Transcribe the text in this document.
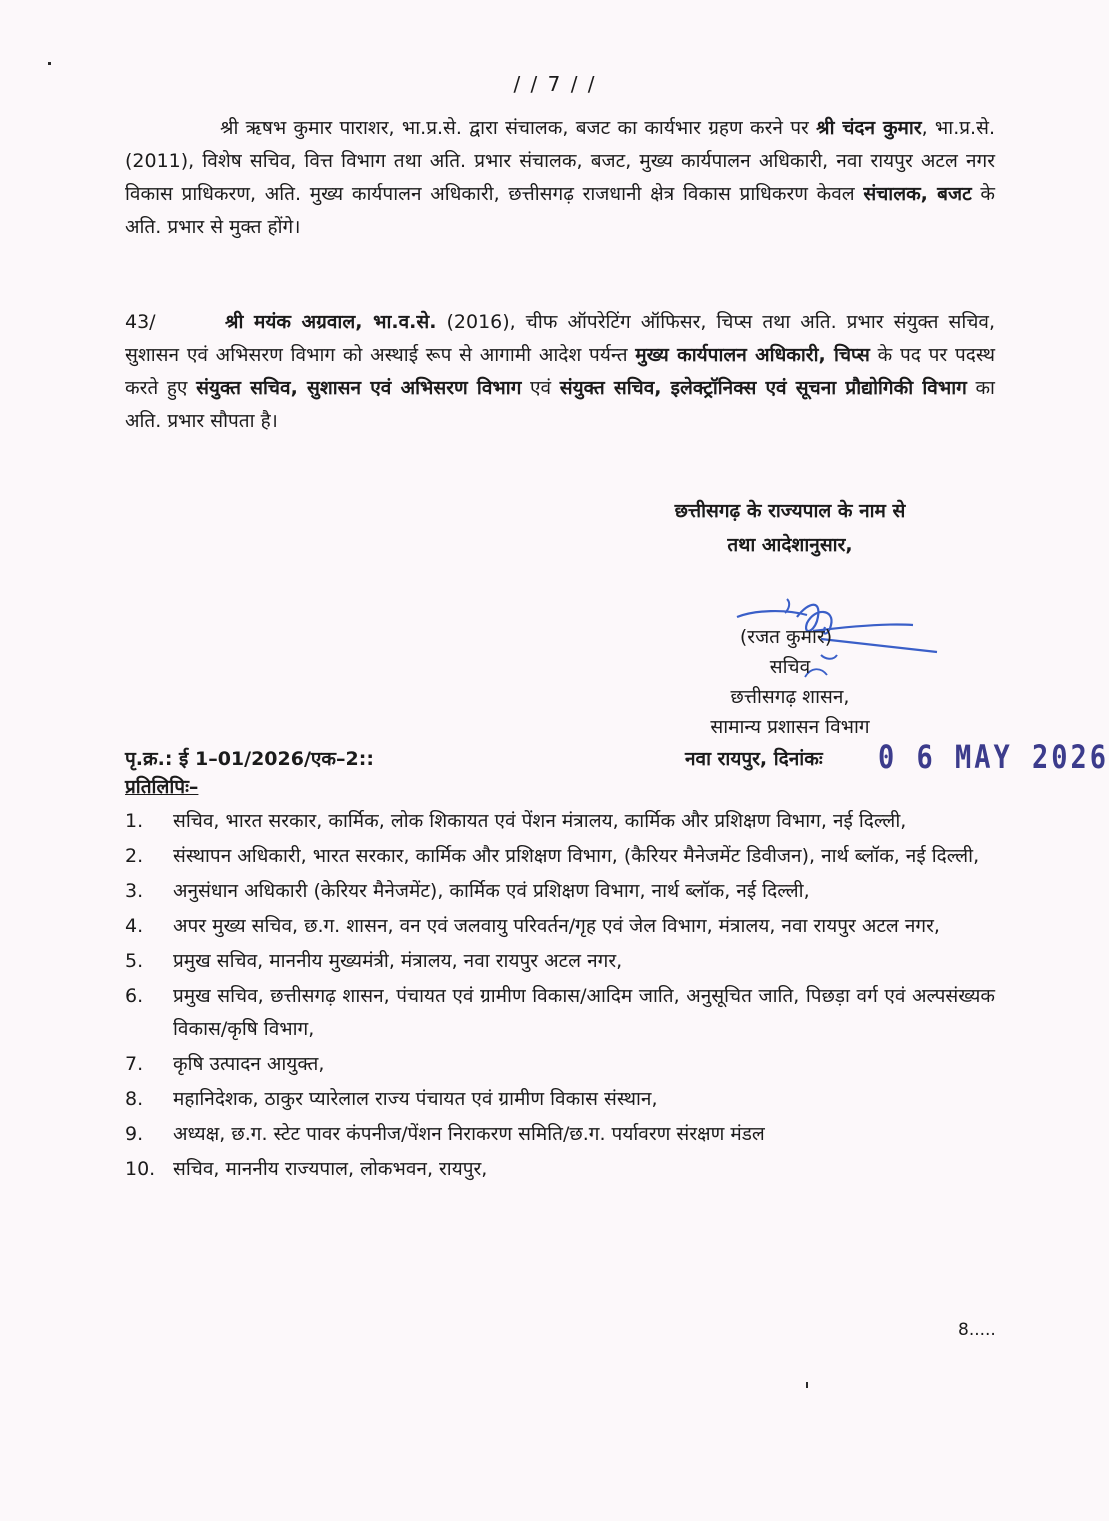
/ / 7 / /
श्री ऋषभ कुमार पाराशर, भा.प्र.से. द्वारा संचालक, बजट का कार्यभार ग्रहण करने पर श्री चंदन कुमार, भा.प्र.से. (2011), विशेष सचिव, वित्त विभाग तथा अति. प्रभार संचालक, बजट, मुख्य कार्यपालन अधिकारी, नवा रायपुर अटल नगर विकास प्राधिकरण, अति. मुख्य कार्यपालन अधिकारी, छत्तीसगढ़ राजधानी क्षेत्र विकास प्राधिकरण केवल संचालक, बजट के अति. प्रभार से मुक्त होंगे।
43/	श्री मयंक अग्रवाल, भा.व.से. (2016), चीफ ऑपरेटिंग ऑफिसर, चिप्स तथा अति. प्रभार संयुक्त सचिव, सुशासन एवं अभिसरण विभाग को अस्थाई रूप से आगामी आदेश पर्यन्त मुख्य कार्यपालन अधिकारी, चिप्स के पद पर पदस्थ करते हुए संयुक्त सचिव, सुशासन एवं अभिसरण विभाग एवं संयुक्त सचिव, इलेक्ट्रॉनिक्स एवं सूचना प्रौद्योगिकी विभाग का अति. प्रभार सौपता है।
छत्तीसगढ़ के राज्यपाल के नाम से
तथा आदेशानुसार,
(रजत कुमार)
सचिव
छत्तीसगढ़ शासन,
सामान्य प्रशासन विभाग
पृ.क्र.: ई 1–01/2026/एक–2::	नवा रायपुर, दिनांकः 0 6 MAY 2026
प्रतिलिपिः–
1.	सचिव, भारत सरकार, कार्मिक, लोक शिकायत एवं पेंशन मंत्रालय, कार्मिक और प्रशिक्षण विभाग, नई दिल्ली,
2.	संस्थापन अधिकारी, भारत सरकार, कार्मिक और प्रशिक्षण विभाग, (कैरियर मैनेजमेंट डिवीजन), नार्थ ब्लॉक, नई दिल्ली,
3.	अनुसंधान अधिकारी (केरियर मैनेजमेंट), कार्मिक एवं प्रशिक्षण विभाग, नार्थ ब्लॉक, नई दिल्ली,
4.	अपर मुख्य सचिव, छ.ग. शासन, वन एवं जलवायु परिवर्तन/गृह एवं जेल विभाग, मंत्रालय, नवा रायपुर अटल नगर,
5.	प्रमुख सचिव, माननीय मुख्यमंत्री, मंत्रालय, नवा रायपुर अटल नगर,
6.	प्रमुख सचिव, छत्तीसगढ़ शासन, पंचायत एवं ग्रामीण विकास/आदिम जाति, अनुसूचित जाति, पिछड़ा वर्ग एवं अल्पसंख्यक विकास/कृषि विभाग,
7.	कृषि उत्पादन आयुक्त,
8.	महानिदेशक, ठाकुर प्यारेलाल राज्य पंचायत एवं ग्रामीण विकास संस्थान,
9.	अध्यक्ष, छ.ग. स्टेट पावर कंपनीज/पेंशन निराकरण समिति/छ.ग. पर्यावरण संरक्षण मंडल
10. सचिव, माननीय राज्यपाल, लोकभवन, रायपुर,
8.....
